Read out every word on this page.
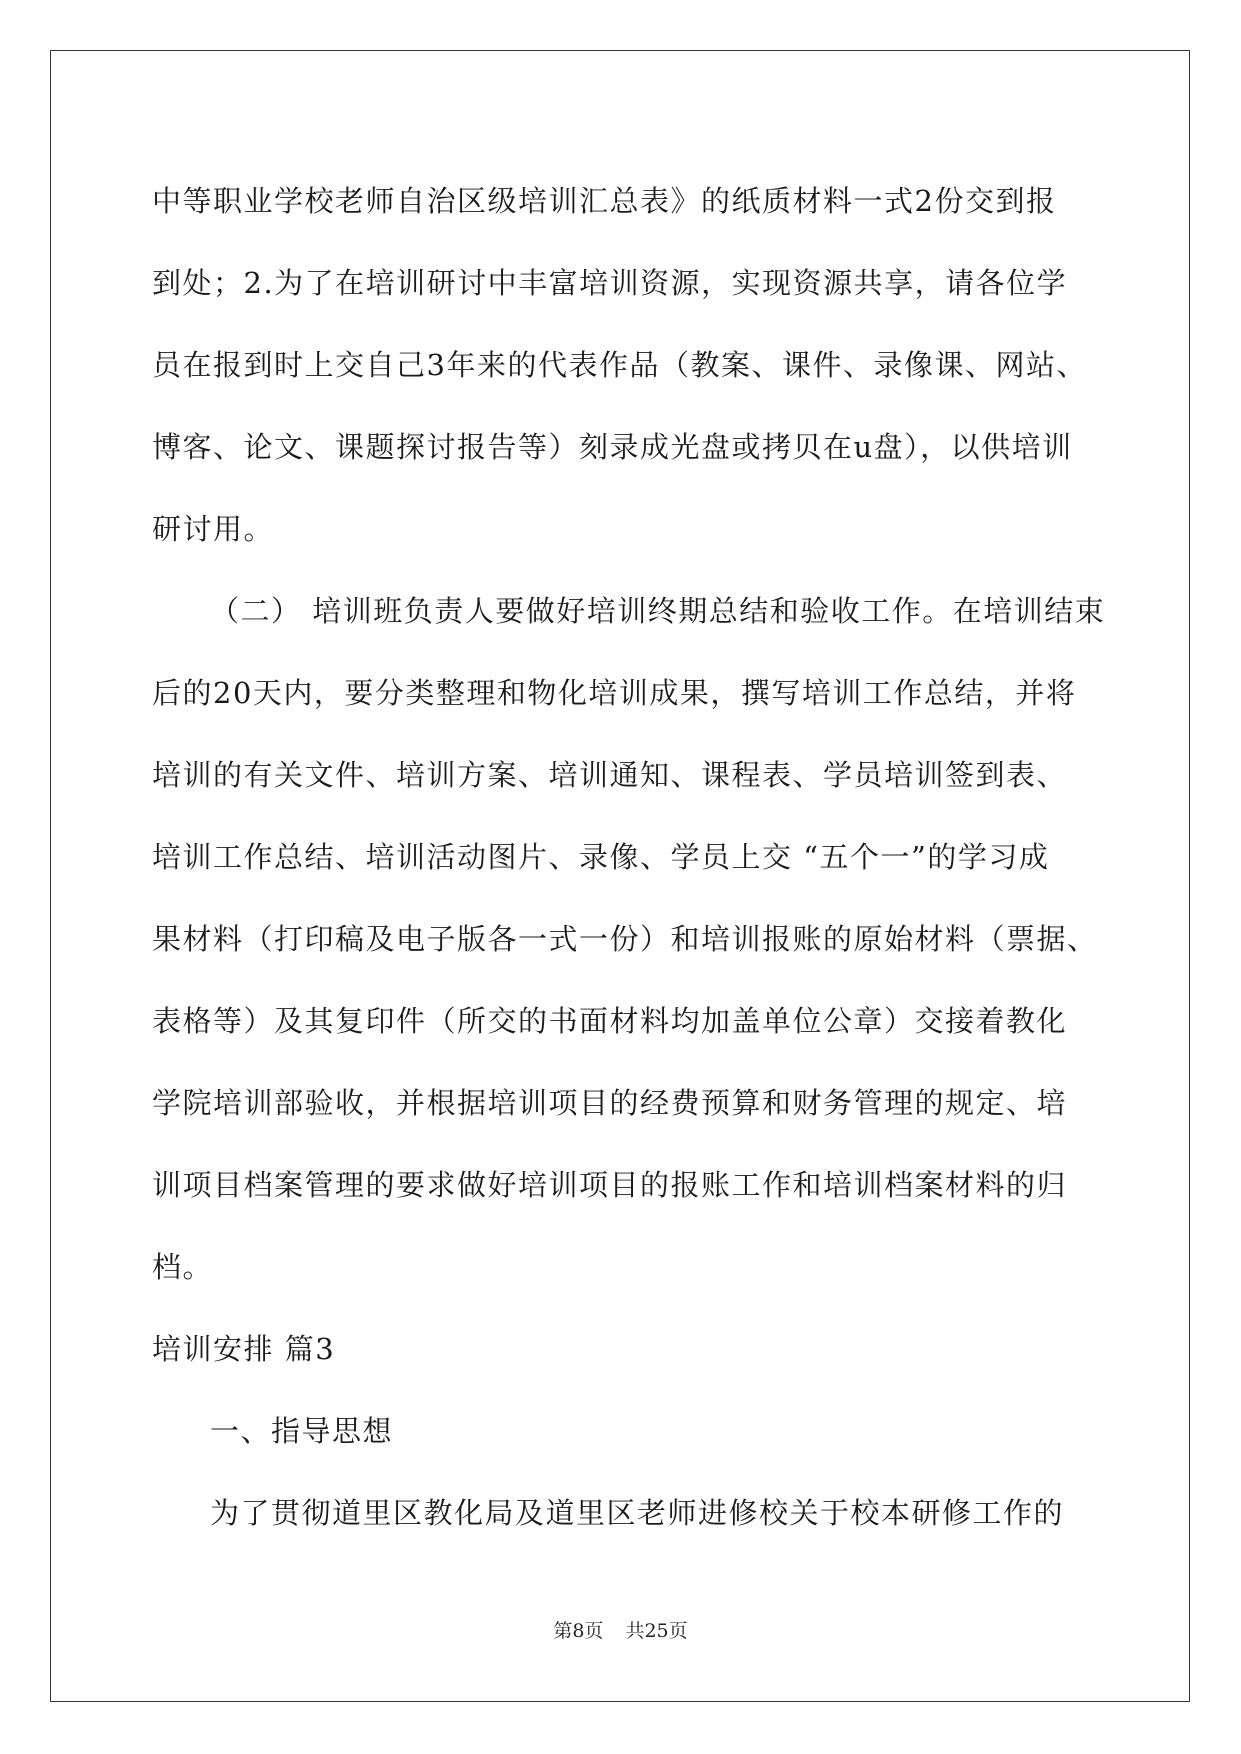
中等职业学校老师自治区级培训汇总表》的纸质材料一式2份交到报
到处；2.为了在培训研讨中丰富培训资源，实现资源共享，请各位学
员在报到时上交自己3年来的代表作品（教案、课件、录像课、网站、
博客、论文、课题探讨报告等）刻录成光盘或拷贝在u盘），以供培训
研讨用。
（二） 培训班负责人要做好培训终期总结和验收工作。在培训结束
后的20天内，要分类整理和物化培训成果，撰写培训工作总结，并将
培训的有关文件、培训方案、培训通知、课程表、学员培训签到表、
培训工作总结、培训活动图片、录像、学员上交 “五个一”的学习成
果材料（打印稿及电子版各一式一份）和培训报账的原始材料（票据、
表格等）及其复印件（所交的书面材料均加盖单位公章）交接着教化
学院培训部验收，并根据培训项目的经费预算和财务管理的规定、培
训项目档案管理的要求做好培训项目的报账工作和培训档案材料的归
档。
培训安排 篇3
一、指导思想
为了贯彻道里区教化局及道里区老师进修校关于校本研修工作的
第8页 共25页
